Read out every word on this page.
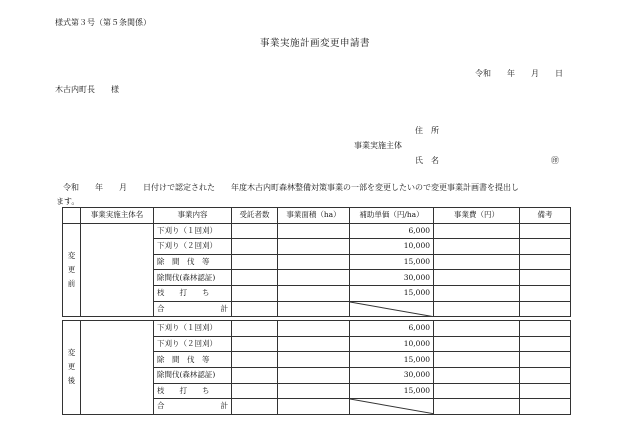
様式第３号（第５条関係）
事業実施計画変更申請書
令和　　年　　月　　日
木古内町長　　様
住　所
事業実施主体
氏　名	㊞
令和　　年　　月　　日付けで認定された　　年度木古内町森林整備対策事業の一部を変更したいので変更事業計画書を提出し
ます。
	事業実施主体名	事業内容	受託者数	事業面積（ha）	補助単価（円/ha）	事業費（円）	備考
変
更
前		下刈り（１回刈）			6,000		
		下刈り（２回刈）			10,000		
		除　間　伐　等			15,000		
		除間伐(森林認証)			30,000		
		枝　　打　　ち			15,000		
		合　　　　　計			

変
更
後		下刈り（１回刈）			6,000		
		下刈り（２回刈）			10,000		
		除　間　伐　等			15,000		
		除間伐(森林認証)			30,000		
		枝　　打　　ち			15,000		
		合　　　　　計			
